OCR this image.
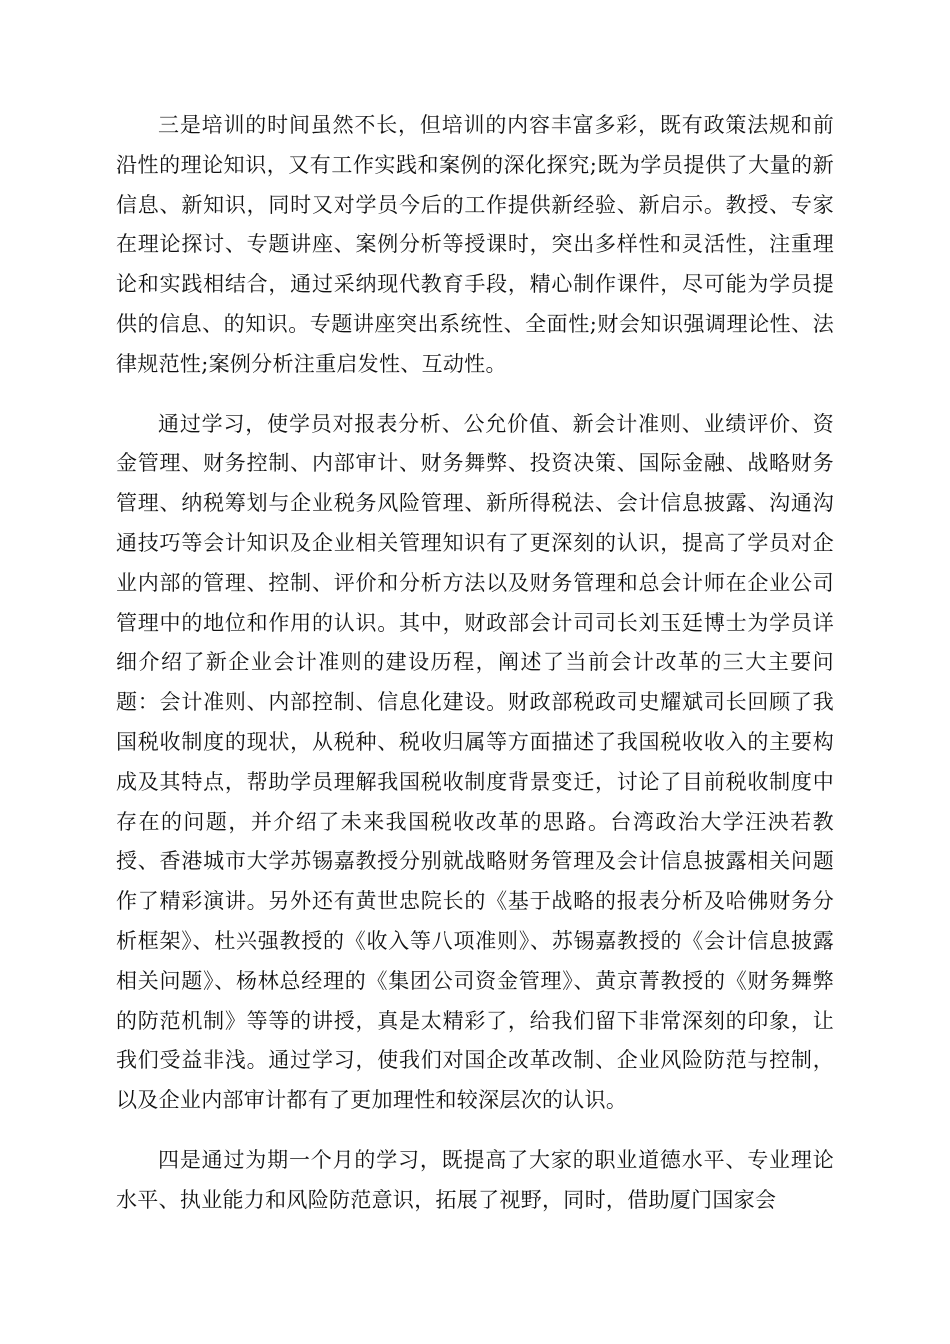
三是培训的时间虽然不长，但培训的内容丰富多彩，既有政策法规和前沿性的理论知识，又有工作实践和案例的深化探究;既为学员提供了大量的新信息、新知识，同时又对学员今后的工作提供新经验、新启示。教授、专家在理论探讨、专题讲座、案例分析等授课时，突出多样性和灵活性，注重理论和实践相结合，通过采纳现代教育手段，精心制作课件，尽可能为学员提供的信息、的知识。专题讲座突出系统性、全面性;财会知识强调理论性、法律规范性;案例分析注重启发性、互动性。

通过学习，使学员对报表分析、公允价值、新会计准则、业绩评价、资金管理、财务控制、内部审计、财务舞弊、投资决策、国际金融、战略财务管理、纳税筹划与企业税务风险管理、新所得税法、会计信息披露、沟通沟通技巧等会计知识及企业相关管理知识有了更深刻的认识，提高了学员对企业内部的管理、控制、评价和分析方法以及财务管理和总会计师在企业公司管理中的地位和作用的认识。其中，财政部会计司司长刘玉廷博士为学员详细介绍了新企业会计准则的建设历程，阐述了当前会计改革的三大主要问题：会计准则、内部控制、信息化建设。财政部税政司史耀斌司长回顾了我国税收制度的现状，从税种、税收归属等方面描述了我国税收收入的主要构成及其特点，帮助学员理解我国税收制度背景变迁，讨论了目前税收制度中存在的问题，并介绍了未来我国税收改革的思路。台湾政治大学汪泱若教授、香港城市大学苏锡嘉教授分别就战略财务管理及会计信息披露相关问题作了精彩演讲。另外还有黄世忠院长的《基于战略的报表分析及哈佛财务分析框架》、杜兴强教授的《收入等八项准则》、苏锡嘉教授的《会计信息披露相关问题》、杨林总经理的《集团公司资金管理》、黄京菁教授的《财务舞弊的防范机制》等等的讲授，真是太精彩了，给我们留下非常深刻的印象，让我们受益非浅。通过学习，使我们对国企改革改制、企业风险防范与控制，以及企业内部审计都有了更加理性和较深层次的认识。

四是通过为期一个月的学习，既提高了大家的职业道德水平、专业理论水平、执业能力和风险防范意识，拓展了视野，同时，借助厦门国家会
